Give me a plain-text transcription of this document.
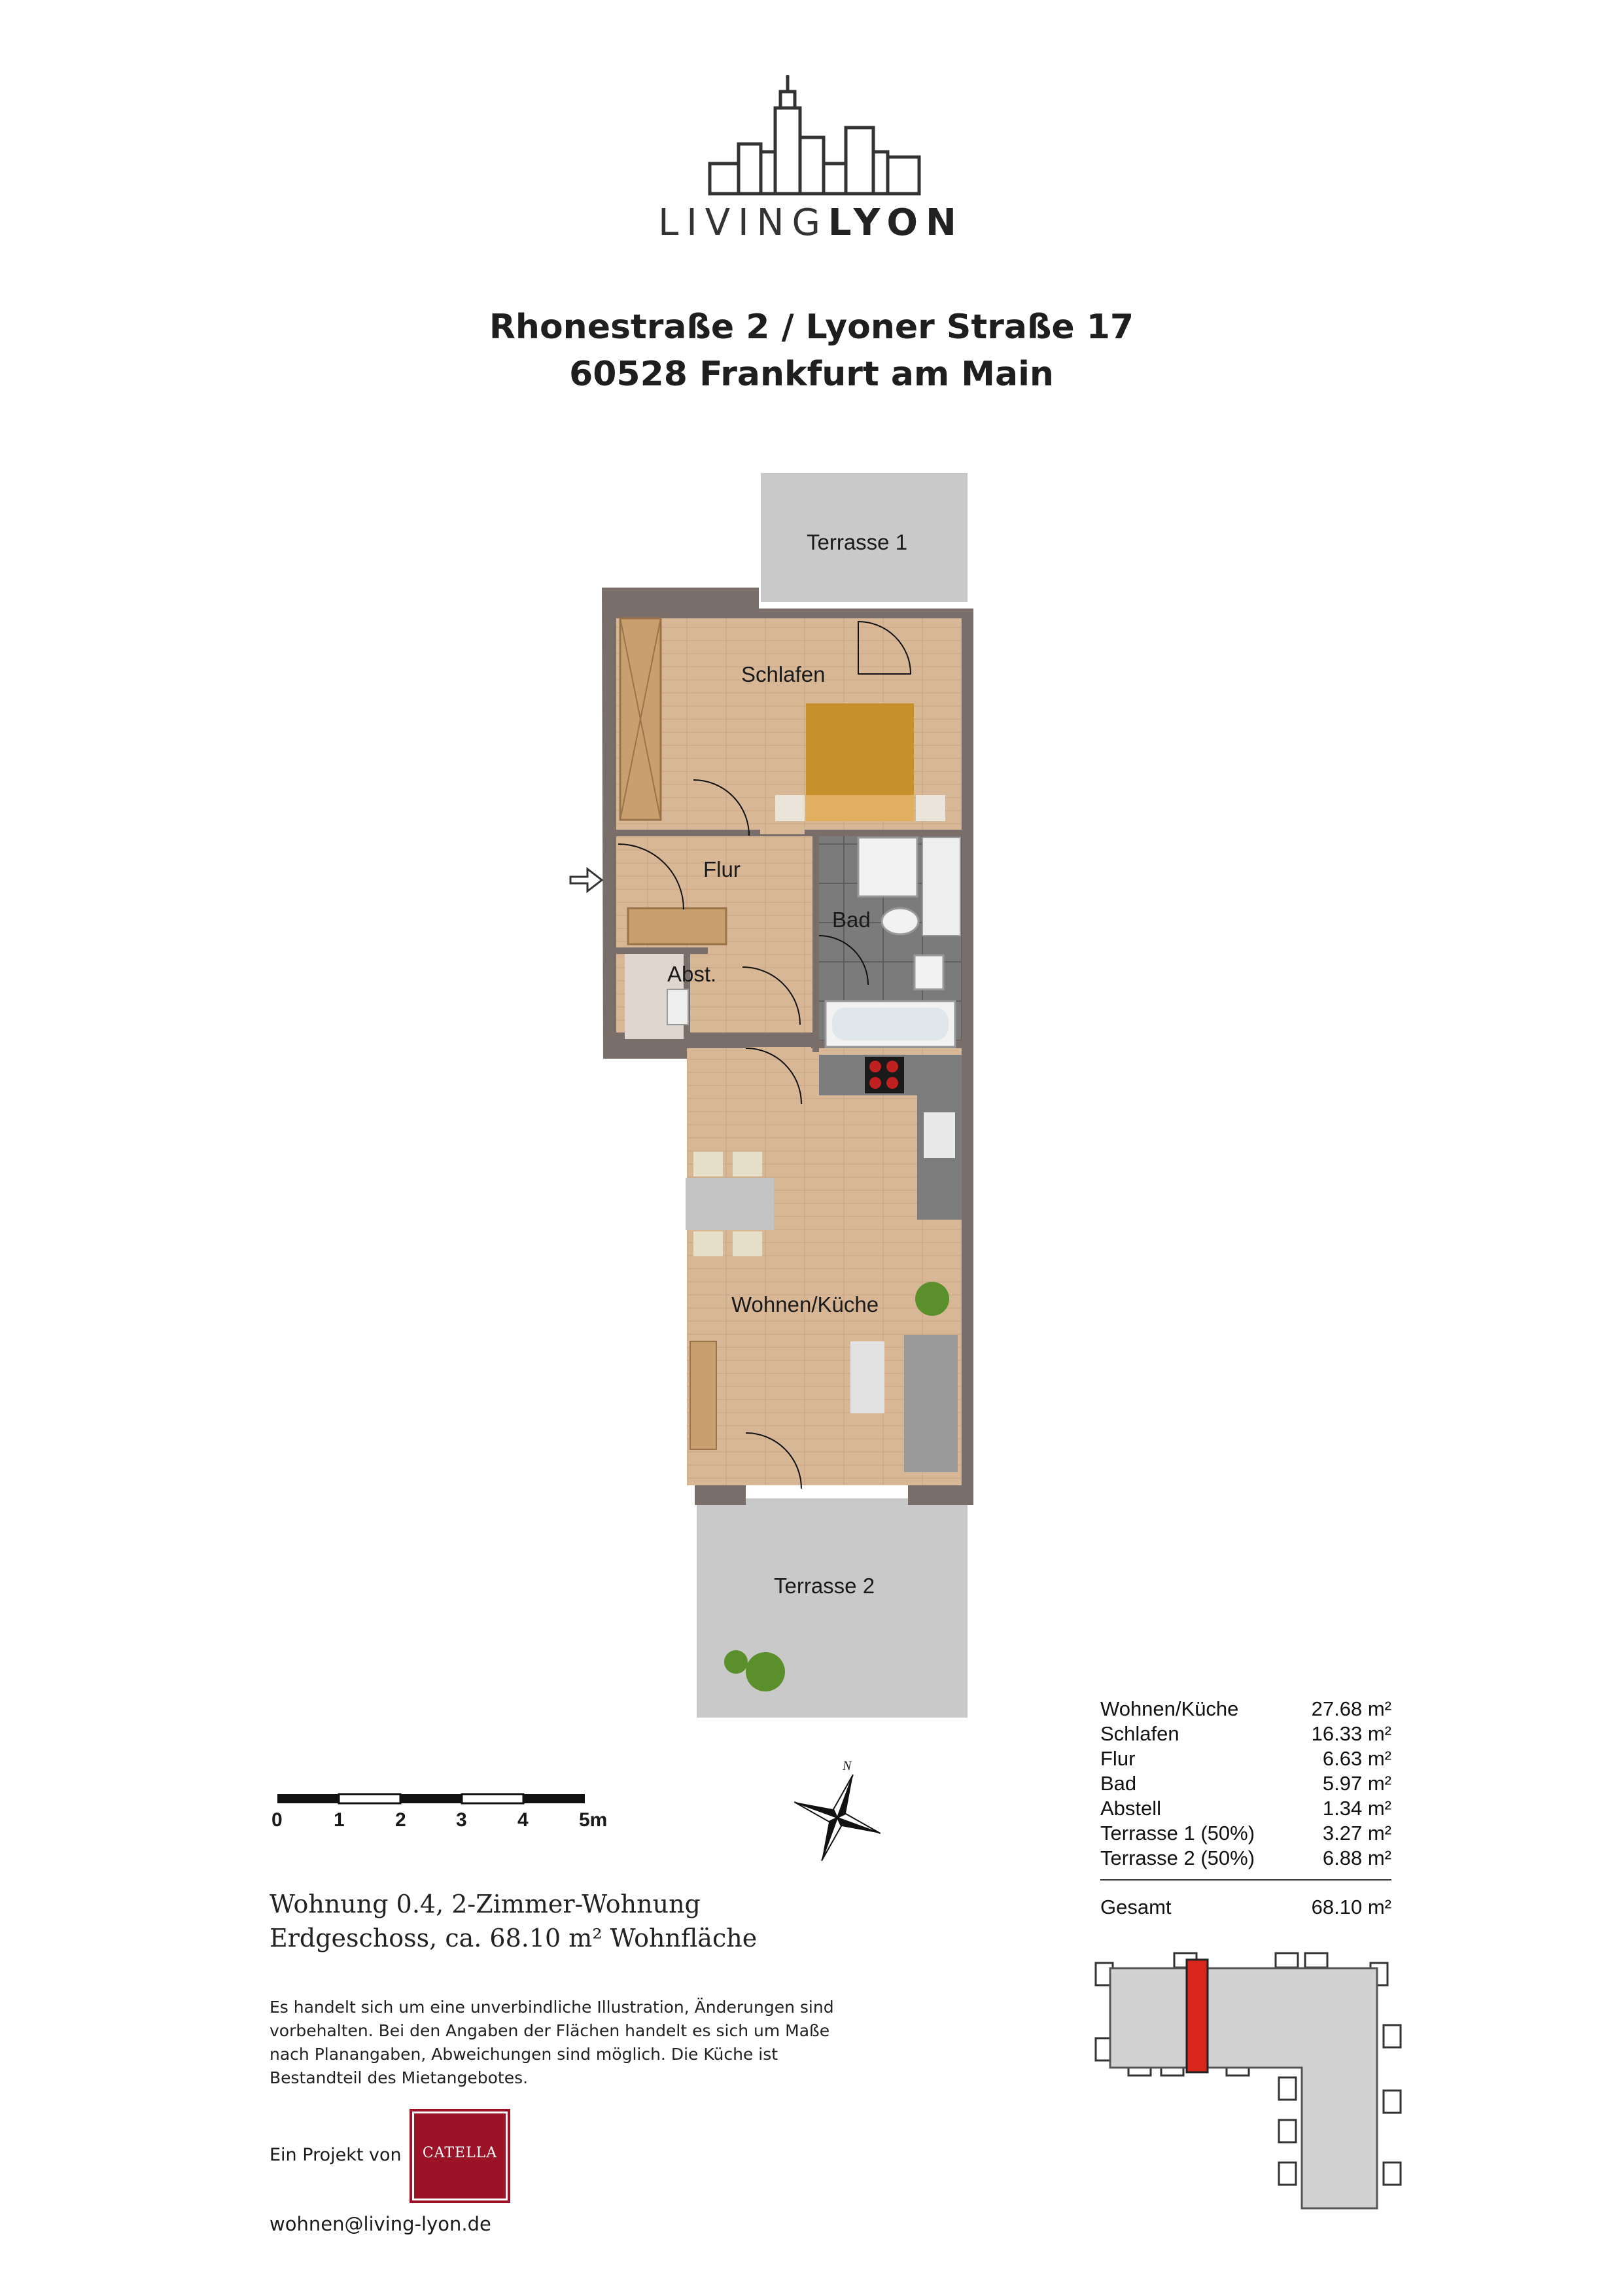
LIVINGLYON
Rhonestraße 2 / Lyoner Straße 17
60528 Frankfurt am Main
Terrasse 1
Schlafen
Flur
Bad
Abst.
Wohnen/Küche
Terrasse 2
0	1	2	3	4	5m
N
Wohnung 0.4, 2-Zimmer-Wohnung
Erdgeschoss, ca. 68.10 m² Wohnfläche
Es handelt sich um eine unverbindliche Illustration, Änderungen sind vorbehalten. Bei den Angaben der Flächen handelt es sich um Maße nach Planangaben, Abweichungen sind möglich. Die Küche ist Bestandteil des Mietangebotes.
Ein Projekt von	CATELLA
wohnen@living-lyon.de
Wohnen/Küche	27.68 m²
Schlafen	16.33 m²
Flur	6.63 m²
Bad	5.97 m²
Abstell	1.34 m²
Terrasse 1 (50%)	3.27 m²
Terrasse 2 (50%)	6.88 m²
Gesamt	68.10 m²
